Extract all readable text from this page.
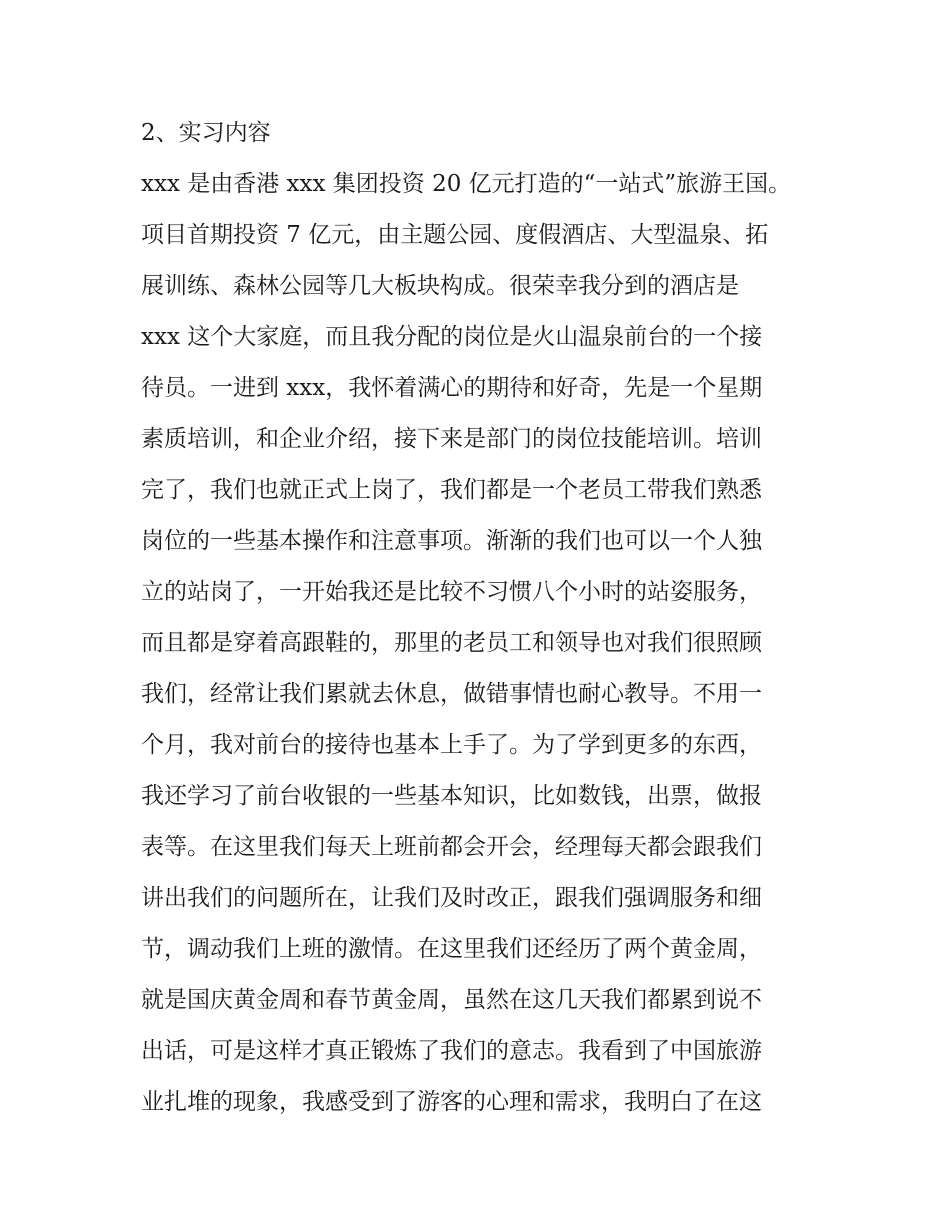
2、实习内容
xxx 是由香港 xxx 集团投资 20 亿元打造的“一站式”旅游王国。
项目首期投资 7 亿元，由主题公园、度假酒店、大型温泉、拓
展训练、森林公园等几大板块构成。很荣幸我分到的酒店是
xxx 这个大家庭，而且我分配的岗位是火山温泉前台的一个接
待员。一进到 xxx，我怀着满心的期待和好奇，先是一个星期
素质培训，和企业介绍，接下来是部门的岗位技能培训。培训
完了，我们也就正式上岗了，我们都是一个老员工带我们熟悉
岗位的一些基本操作和注意事项。渐渐的我们也可以一个人独
立的站岗了，一开始我还是比较不习惯八个小时的站姿服务，
而且都是穿着高跟鞋的，那里的老员工和领导也对我们很照顾
我们，经常让我们累就去休息，做错事情也耐心教导。不用一
个月，我对前台的接待也基本上手了。为了学到更多的东西，
我还学习了前台收银的一些基本知识，比如数钱，出票，做报
表等。在这里我们每天上班前都会开会，经理每天都会跟我们
讲出我们的问题所在，让我们及时改正，跟我们强调服务和细
节，调动我们上班的激情。在这里我们还经历了两个黄金周，
就是国庆黄金周和春节黄金周，虽然在这几天我们都累到说不
出话，可是这样才真正锻炼了我们的意志。我看到了中国旅游
业扎堆的现象，我感受到了游客的心理和需求，我明白了在这
